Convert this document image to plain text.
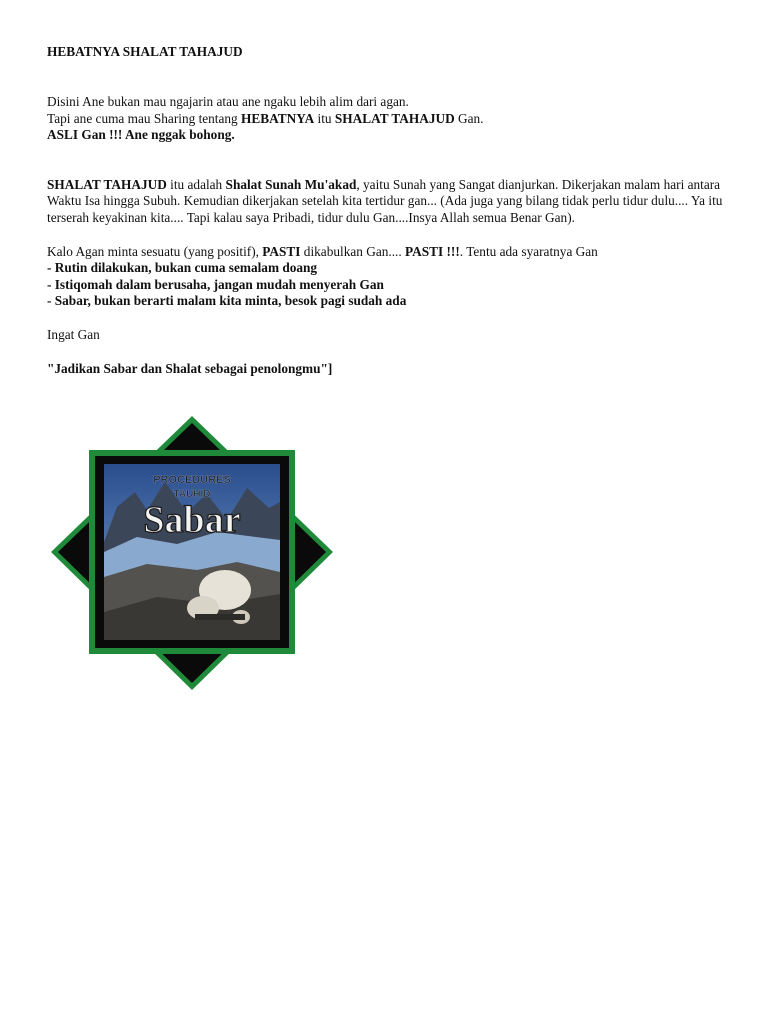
HEBATNYA SHALAT TAHAJUD

Disini Ane bukan mau ngajarin atau ane ngaku lebih alim dari agan.

Tapi ane cuma mau Sharing tentang HEBATNYA itu SHALAT TAHAJUD Gan.

ASLI Gan !!! Ane nggak bohong.

SHALAT TAHAJUD itu adalah Shalat Sunah Mu'akad, yaitu Sunah yang Sangat dianjurkan. Dikerjakan malam hari antara Waktu Isa hingga Subuh. Kemudian dikerjakan setelah kita tertidur gan... (Ada juga yang bilang tidak perlu tidur dulu.... Ya itu terserah keyakinan kita.... Tapi kalau saya Pribadi, tidur dulu Gan....Insya Allah semua Benar Gan).

Kalo Agan minta sesuatu (yang positif), PASTI dikabulkan Gan.... PASTI !!!. Tentu ada syaratnya Gan

- Rutin dilakukan, bukan cuma semalam doang

- Istiqomah dalam berusaha, jangan mudah menyerah Gan

- Sabar, bukan berarti malam kita minta, besok pagi sudah ada

Ingat Gan

"Jadikan Sabar dan Shalat sebagai penolongmu"]

PROCEDURES
TAUHID
Sabar
